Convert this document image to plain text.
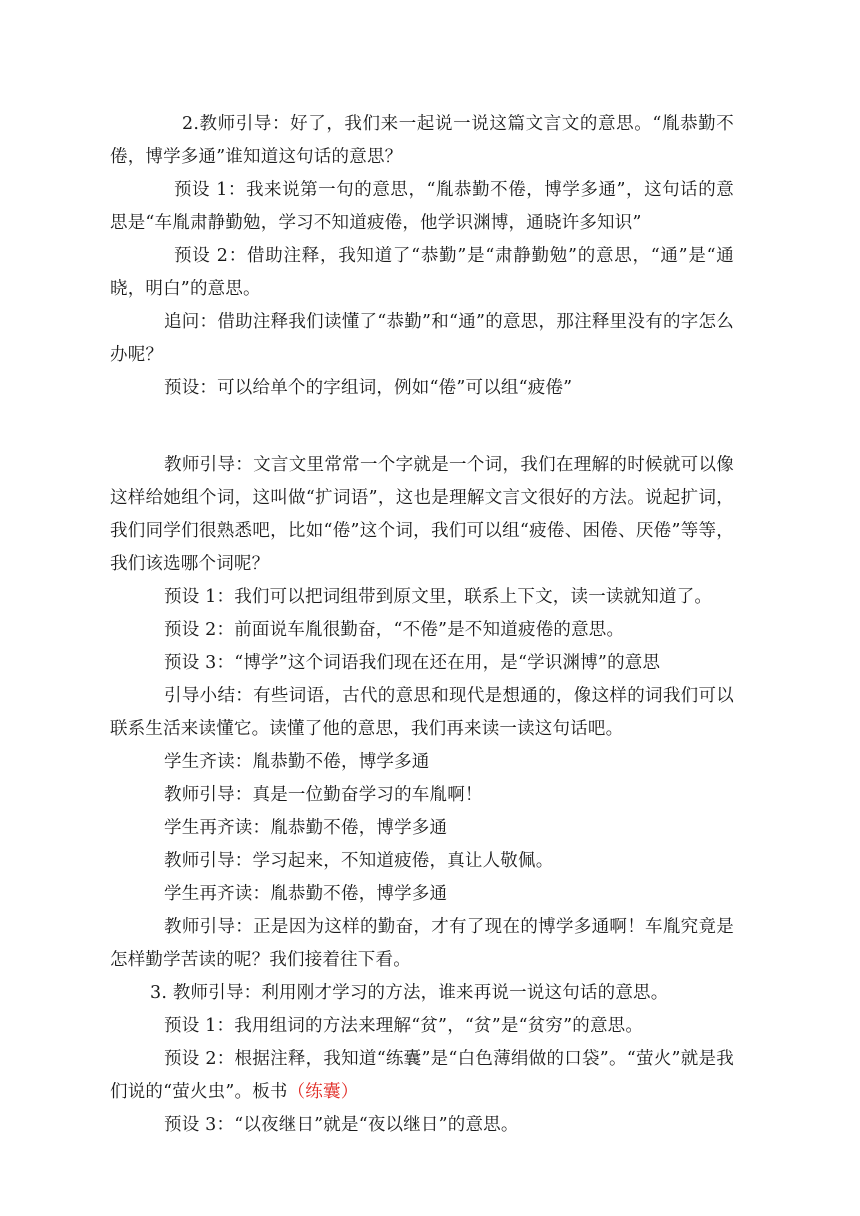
2.教师引导：好了，我们来一起说一说这篇文言文的意思。“胤恭勤不倦，博学多通”谁知道这句话的意思？

预设 1：我来说第一句的意思，“胤恭勤不倦，博学多通”，这句话的意思是“车胤肃静勤勉，学习不知道疲倦，他学识渊博，通晓许多知识”

预设 2：借助注释，我知道了“恭勤”是“肃静勤勉”的意思，“通”是“通晓，明白”的意思。

追问：借助注释我们读懂了“恭勤”和“通”的意思，那注释里没有的字怎么办呢？

预设：可以给单个的字组词，例如“倦”可以组“疲倦”

教师引导：文言文里常常一个字就是一个词，我们在理解的时候就可以像这样给她组个词，这叫做“扩词语”，这也是理解文言文很好的方法。说起扩词，我们同学们很熟悉吧，比如“倦”这个词，我们可以组“疲倦、困倦、厌倦”等等，我们该选哪个词呢？

预设 1：我们可以把词组带到原文里，联系上下文，读一读就知道了。

预设 2：前面说车胤很勤奋，“不倦”是不知道疲倦的意思。

预设 3：“博学”这个词语我们现在还在用，是“学识渊博”的意思

引导小结：有些词语，古代的意思和现代是想通的，像这样的词我们可以联系生活来读懂它。读懂了他的意思，我们再来读一读这句话吧。

学生齐读：胤恭勤不倦，博学多通

教师引导：真是一位勤奋学习的车胤啊！

学生再齐读：胤恭勤不倦，博学多通

教师引导：学习起来，不知道疲倦，真让人敬佩。

学生再齐读：胤恭勤不倦，博学多通

教师引导：正是因为这样的勤奋，才有了现在的博学多通啊！车胤究竟是怎样勤学苦读的呢？我们接着往下看。

3. 教师引导：利用刚才学习的方法，谁来再说一说这句话的意思。

预设 1：我用组词的方法来理解“贫”，“贫”是“贫穷”的意思。

预设 2：根据注释，我知道“练囊”是“白色薄绢做的口袋”。“萤火”就是我们说的“萤火虫”。板书（练囊）

预设 3：“以夜继日”就是“夜以继日”的意思。
